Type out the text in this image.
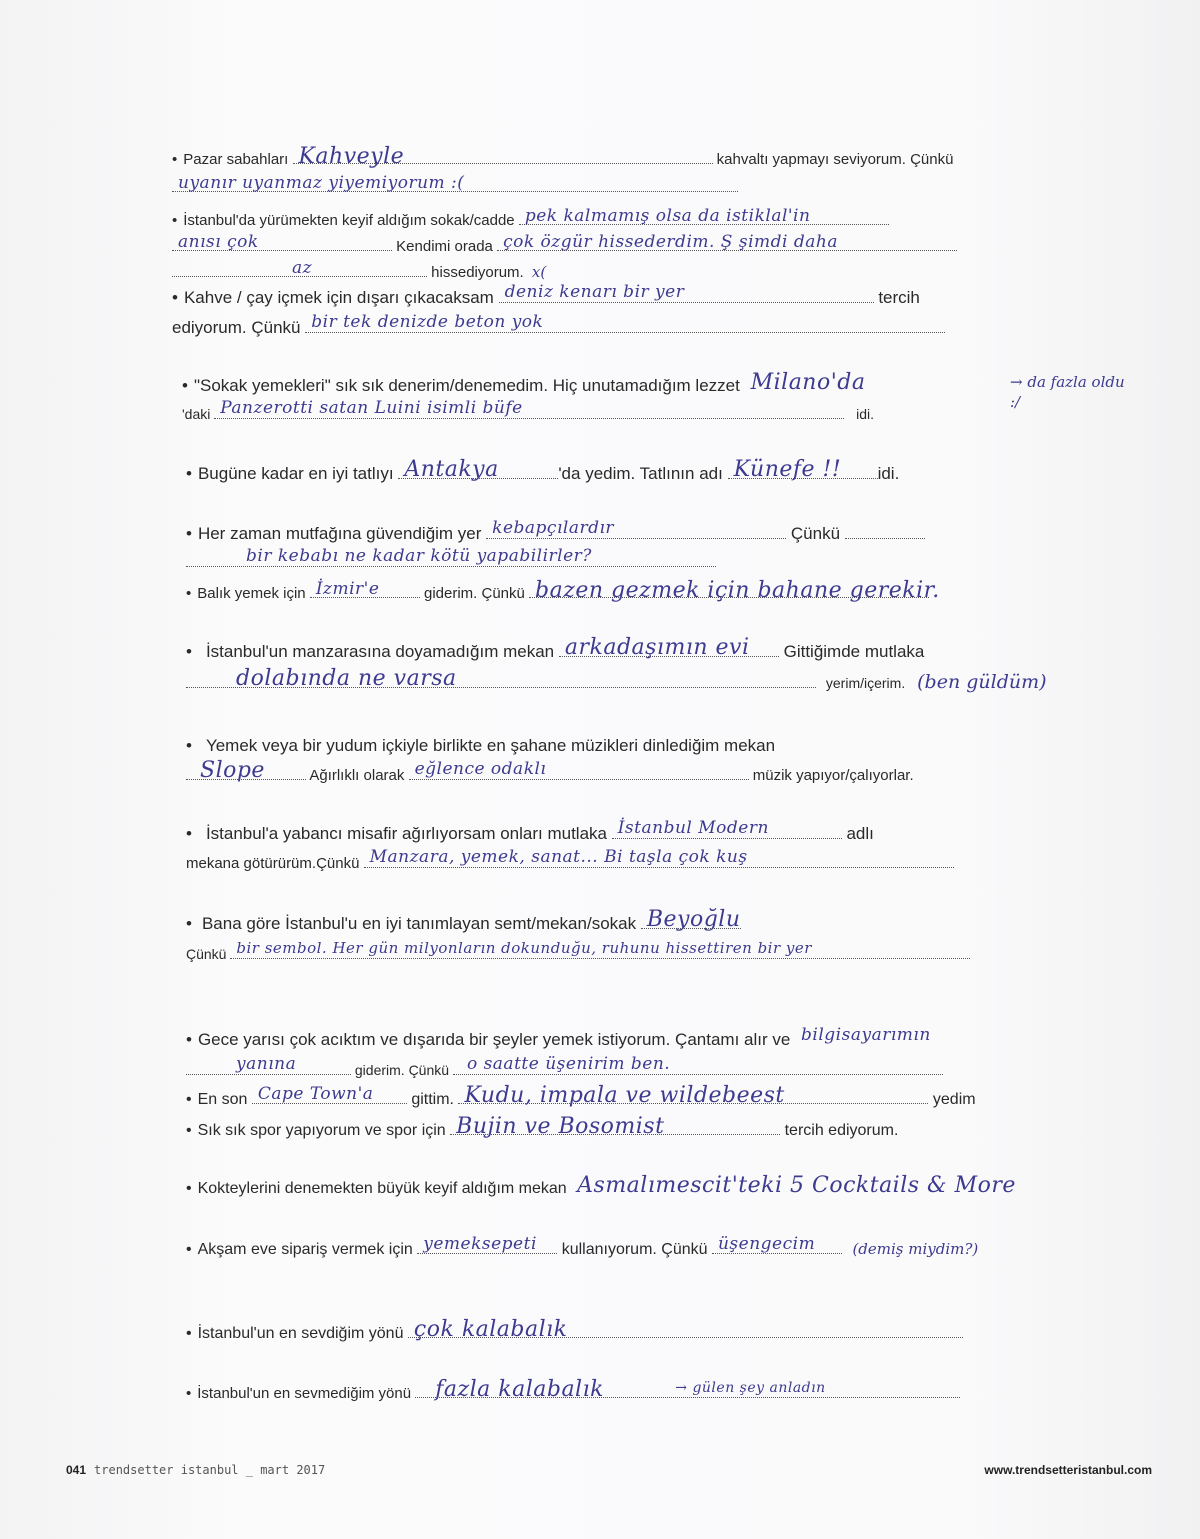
• Pazar sabahları Kahveyle	kahvaltı yapmayı seviyorum. Çünkü
uyanır uyanmaz yiyemiyorum :(
• İstanbul'da yürümekten keyif aldığım sokak/cadde pek kalmamış olsa da istiklal'in
anısı çok	Kendimi orada çok özgür hissederdim. Ş şimdi daha
az	hissediyorum. x(
• Kahve / çay içmek için dışarı çıkacaksam deniz kenarı bir yer	tercih
ediyorum. Çünkü bir tek denizde beton yok
• "Sokak yemekleri" sık sık denerim/denemedim. Hiç unutamadığım lezzet Milano'da
'daki Panzerotti satan Luini isimli büfe	idi.
→ da fazla oldu :/
• Bugüne kadar en iyi tatlıyı Antakya	'da yedim. Tatlının adı Künefe !! idi.
• Her zaman mutfağına güvendiğim yer kebapçılardır	Çünkü
bir kebabı ne kadar kötü yapabilirler?
• Balık yemek için İzmir'e	giderim. Çünkü bazen gezmek için bahane gerekir.
• İstanbul'un manzarasına doyamadığım mekan arkadaşımın evi Gittiğimde mutlaka
dolabında ne varsa	yerim/içerim. (ben güldüm)
• Yemek veya bir yudum içkiyle birlikte en şahane müzikleri dinlediğim mekan
Slope	Ağırlıklı olarak eğlence odaklı	müzik yapıyor/çalıyorlar.
• İstanbul'a yabancı misafir ağırlıyorsam onları mutlaka İstanbul Modern	adlı
mekana götürürüm.Çünkü Manzara, yemek, sanat... Bi taşla çok kuş
• Bana göre İstanbul'u en iyi tanımlayan semt/mekan/sokak Beyoğlu
Çünkü bir sembol. Her gün milyonların dokunduğu, ruhunu hissettiren bir yer
• Gece yarısı çok acıktım ve dışarıda bir şeyler yemek istiyorum. Çantamı alır ve bilgisayarımın
yanına	giderim. Çünkü o saatte üşenirim ben.
• En son Cape Town'a gittim. Kudu, impala ve wildebeest	yedim
• Sık sık spor yapıyorum ve spor için Bujin ve Bosomist	tercih ediyorum.
• Kokteylerini denemekten büyük keyif aldığım mekan Asmalımescit'teki 5 Cocktails & More
• Akşam eve sipariş vermek için yemeksepeti kullanıyorum. Çünkü üşengecim (demiş miydim?)
• İstanbul'un en sevdiğim yönü çok kalabalık
• İstanbul'un en sevmediğim yönü fazla kalabalık	→ gülen şey anladın
041 trendsetter istanbul _ mart 2017	www.trendsetteristanbul.com
